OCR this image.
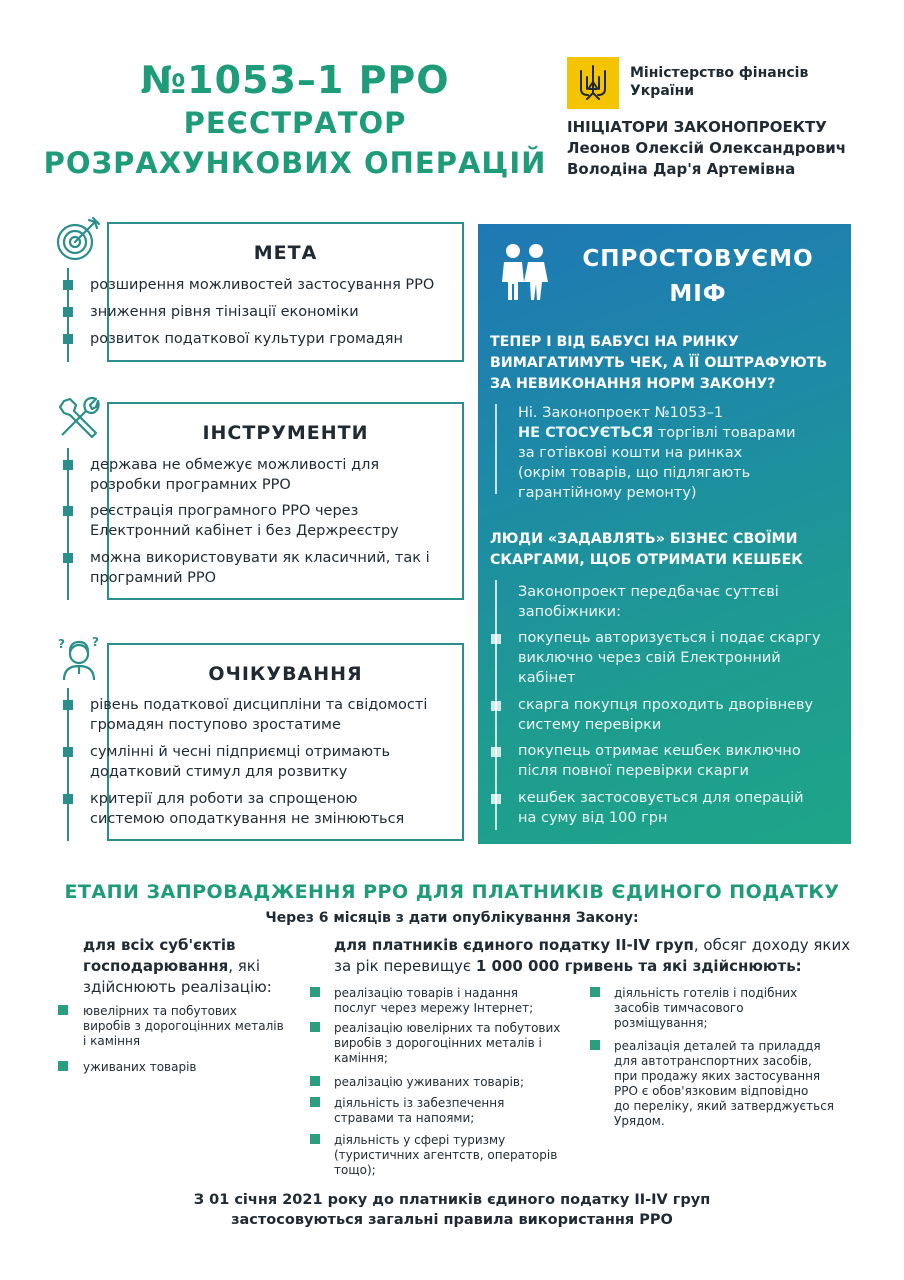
№1053–1 РРО
РЕЄСТРАТОР
РОЗРАХУНКОВИХ ОПЕРАЦІЙ
Міністерство фінансів
України
ІНІЦІАТОРИ ЗАКОНОПРОЕКТУ
Леонов Олексій Олександрович
Володіна Дар'я Артемівна
МЕТА
розширення можливостей застосування РРО
зниження рівня тінізації економіки
розвиток податкової культури громадян
ІНСТРУМЕНТИ
держава не обмежує можливості для
розробки програмних РРО
реєстрація програмного РРО через
Електронний кабінет і без Держреєстру
можна використовувати як класичний, так і
програмний РРО
? ?
ОЧІКУВАННЯ
рівень податкової дисципліни та свідомості
громадян поступово зростатиме
сумлінні й чесні підприємці отримають
додатковий стимул для розвитку
критерії для роботи за спрощеною
системою оподаткування не змінюються
СПРОСТОВУЄМО
МІФ
ТЕПЕР І ВІД БАБУСІ НА РИНКУ
ВИМАГАТИМУТЬ ЧЕК, А ЇЇ ОШТРАФУЮТЬ
ЗА НЕВИКОНАННЯ НОРМ ЗАКОНУ?
Ні. Законопроект №1053–1
НЕ СТОСУЄТЬСЯ торгівлі товарами
за готівкові кошти на ринках
(окрім товарів, що підлягають
гарантійному ремонту)
ЛЮДИ «ЗАДАВЛЯТЬ» БІЗНЕС СВОЇМИ
СКАРГАМИ, ЩОБ ОТРИМАТИ КЕШБЕК
Законопроект передбачає суттєві
запобіжники:
покупець авторизується і подає скаргу
виключно через свій Електронний
кабінет
скарга покупця проходить дворівневу
систему перевірки
покупець отримає кешбек виключно
після повної перевірки скарги
кешбек застосовується для операцій
на суму від 100 грн
ЕТАПИ ЗАПРОВАДЖЕННЯ РРО ДЛЯ ПЛАТНИКІВ ЄДИНОГО ПОДАТКУ
Через 6 місяців з дати опублікування Закону:
для всіх суб'єктів
господарювання, які
здійснюють реалізацію:
ювелірних та побутових
виробів з дорогоцінних металів
і каміння
уживаних товарів
для платників єдиного податку ІІ-ІV груп, обсяг доходу яких
за рік перевищує 1 000 000 гривень та які здійснюють:
реалізацію товарів і надання
послуг через мережу Інтернет;
реалізацію ювелірних та побутових
виробів з дорогоцінних металів і
каміння;
реалізацію уживаних товарів;
діяльність із забезпечення
стравами та напоями;
діяльність у сфері туризму
(туристичних агентств, операторів
тощо);
діяльність готелів і подібних
засобів тимчасового
розміщування;
реалізація деталей та приладдя
для автотранспортних засобів,
при продажу яких застосування
РРО є обов'язковим відповідно
до переліку, який затверджується
Урядом.
З 01 січня 2021 року до платників єдиного податку ІІ-ІV груп
застосовуються загальні правила використання РРО
